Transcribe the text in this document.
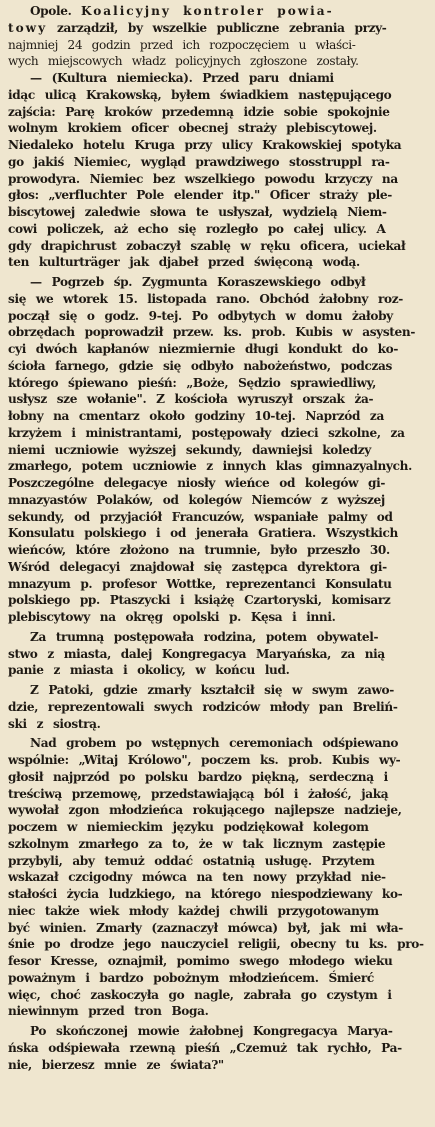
Opole. Koalicyjny kontroler powia-
towy zarządził, by wszelkie publiczne zebrania przy-
najmniej 24 godzin przed ich rozpoczęciem u właści-
wych miejscowych władz policyjnych zgłoszone zostały.

— (Kultura niemiecka). Przed paru dniami
idąc ulicą Krakowską, byłem świadkiem następującego
zajścia: Parę kroków przedemną idzie sobie spokojnie
wolnym krokiem oficer obecnej straży plebiscytowej.
Niedaleko hotelu Kruga przy ulicy Krakowskiej spotyka
go jakiś Niemiec, wygląd prawdziwego stosstruppl ra-
prowodyra. Niemiec bez wszelkiego powodu krzyczy na
głos: „verfluchter Pole elender itp." Oficer straży ple-
biscytowej zaledwie słowa te usłyszał, wydzielą Niem-
cowi policzek, aż echo się rozległo po całej ulicy. A
gdy drapichrust zobaczył szablę w ręku oficera, uciekał
ten kulturträger jak djabeł przed święconą wodą.

— Pogrzeb śp. Zygmunta Koraszewskiego odbył
się we wtorek 15. listopada rano. Obchód żałobny roz-
począł się o godz. 9-tej. Po odbytych w domu żałoby
obrzędach poprowadził przew. ks. prob. Kubis w asysten-
cyi dwóch kapłanów niezmiernie długi kondukt do ko-
ścioła farnego, gdzie się odbyło nabożeństwo, podczas
którego śpiewano pieśń: „Boże, Sędzio sprawiedliwy,
usłysz sze wołanie". Z kościoła wyruszył orszak ża-
łobny na cmentarz około godziny 10-tej. Naprzód za
krzyżem i ministrantami, postępowały dzieci szkolne, za
niemi uczniowie wyższej sekundy, dawniejsi koledzy
zmarłego, potem uczniowie z innych klas gimnazyalnych.
Poszczególne delegacye niosły wieńce od kolegów gi-
mnazyastów Polaków, od kolegów Niemców z wyższej
sekundy, od przyjaciół Francuzów, wspaniałe palmy od
Konsulatu polskiego i od jenerała Gratiera. Wszystkich
wieńców, które złożono na trumnie, było przeszło 30.
Wśród delegacyi znajdował się zastępca dyrektora gi-
mnazyum p. profesor Wottke, reprezentanci Konsulatu
polskiego pp. Ptaszycki i książę Czartoryski, komisarz
plebiscytowy na okręg opolski p. Kęsa i inni.

Za trumną postępowała rodzina, potem obywatel-
stwo z miasta, dalej Kongregacya Maryańska, za nią
panie z miasta i okolicy, w końcu lud.

Z Patoki, gdzie zmarły kształcił się w swym zawo-
dzie, reprezentowali swych rodziców młody pan Breliń-
ski z siostrą.

Nad grobem po wstępnych ceremoniach odśpiewano
wspólnie: „Witaj Królowo", poczem ks. prob. Kubis wy-
głosił najprzód po polsku bardzo piękną, serdeczną i
treściwą przemowę, przedstawiającą ból i żałość, jaką
wywołał zgon młodzieńca rokującego najlepsze nadzieje,
poczem w niemieckim języku podziękował kolegom
szkolnym zmarłego za to, że w tak licznym zastępie
przybyli, aby temuż oddać ostatnią usługę. Przytem
wskazał czcigodny mówca na ten nowy przykład nie-
stałości życia ludzkiego, na którego niespodziewany ko-
niec także wiek młody każdej chwili przygotowanym
być winien. Zmarły (zaznaczył mówca) był, jak mi wła-
śnie po drodze jego nauczyciel religii, obecny tu ks. pro-
fesor Kresse, oznajmił, pomimo swego młodego wieku
poważnym i bardzo pobożnym młodzieńcem. Śmierć
więc, choć zaskoczyła go nagle, zabrała go czystym i
niewinnym przed tron Boga.

Po skończonej mowie żałobnej Kongregacya Marya-
ńska odśpiewała rzewną pieśń „Czemuż tak rychło, Pa-
nie, bierzesz mnie ze świata?"
